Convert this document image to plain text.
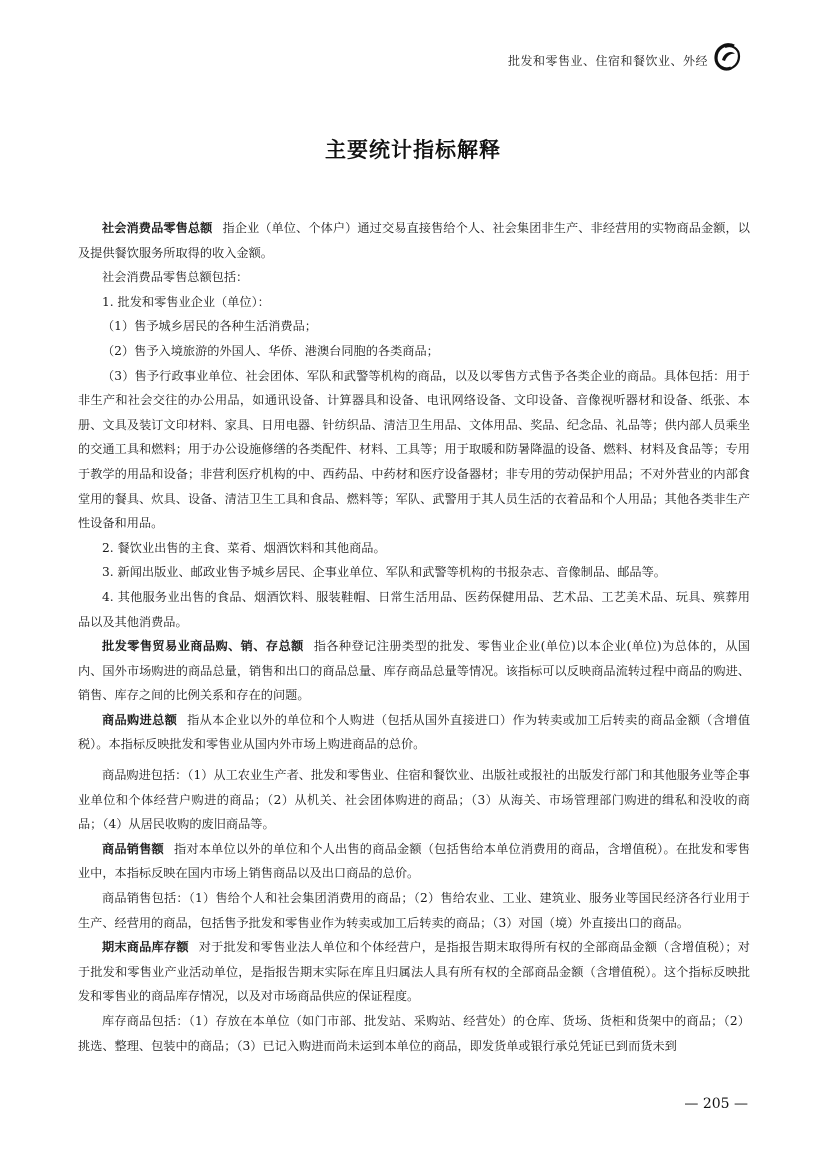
批发和零售业、住宿和餐饮业、外经
主要统计指标解释

社会消费品零售总额 指企业（单位、个体户）通过交易直接售给个人、社会集团非生产、非经营用的实物商品金额，以及提供餐饮服务所取得的收入金额。

社会消费品零售总额包括：

1. 批发和零售业企业（单位）：

（1）售予城乡居民的各种生活消费品；

（2）售予入境旅游的外国人、华侨、港澳台同胞的各类商品；

（3）售予行政事业单位、社会团体、军队和武警等机构的商品，以及以零售方式售予各类企业的商品。具体包括：用于非生产和社会交往的办公用品，如通讯设备、计算器具和设备、电讯网络设备、文印设备、音像视听器材和设备、纸张、本册、文具及装订文印材料、家具、日用电器、针纺织品、清洁卫生用品、文体用品、奖品、纪念品、礼品等；供内部人员乘坐的交通工具和燃料；用于办公设施修缮的各类配件、材料、工具等；用于取暖和防暑降温的设备、燃料、材料及食品等；专用于教学的用品和设备；非营利医疗机构的中、西药品、中药材和医疗设备器材；非专用的劳动保护用品；不对外营业的内部食堂用的餐具、炊具、设备、清洁卫生工具和食品、燃料等；军队、武警用于其人员生活的衣着品和个人用品；其他各类非生产性设备和用品。

2. 餐饮业出售的主食、菜肴、烟酒饮料和其他商品。

3. 新闻出版业、邮政业售予城乡居民、企事业单位、军队和武警等机构的书报杂志、音像制品、邮品等。

4. 其他服务业出售的食品、烟酒饮料、服装鞋帽、日常生活用品、医药保健用品、艺术品、工艺美术品、玩具、殡葬用品以及其他消费品。

批发零售贸易业商品购、销、存总额 指各种登记注册类型的批发、零售业企业(单位)以本企业(单位)为总体的，从国内、国外市场购进的商品总量，销售和出口的商品总量、库存商品总量等情况。该指标可以反映商品流转过程中商品的购进、销售、库存之间的比例关系和存在的问题。

商品购进总额 指从本企业以外的单位和个人购进（包括从国外直接进口）作为转卖或加工后转卖的商品金额（含增值税）。本指标反映批发和零售业从国内外市场上购进商品的总价。

商品购进包括：（1）从工农业生产者、批发和零售业、住宿和餐饮业、出版社或报社的出版发行部门和其他服务业等企事业单位和个体经营户购进的商品；（2）从机关、社会团体购进的商品；（3）从海关、市场管理部门购进的缉私和没收的商品；（4）从居民收购的废旧商品等。

商品销售额 指对本单位以外的单位和个人出售的商品金额（包括售给本单位消费用的商品，含增值税）。在批发和零售业中，本指标反映在国内市场上销售商品以及出口商品的总价。

商品销售包括：（1）售给个人和社会集团消费用的商品；（2）售给农业、工业、建筑业、服务业等国民经济各行业用于生产、经营用的商品，包括售予批发和零售业作为转卖或加工后转卖的商品；（3）对国（境）外直接出口的商品。

期末商品库存额 对于批发和零售业法人单位和个体经营户，是指报告期末取得所有权的全部商品金额（含增值税）；对于批发和零售业产业活动单位，是指报告期末实际在库且归属法人具有所有权的全部商品金额（含增值税）。这个指标反映批发和零售业的商品库存情况，以及对市场商品供应的保证程度。

库存商品包括：（1）存放在本单位（如门市部、批发站、采购站、经营处）的仓库、货场、货柜和货架中的商品；（2）挑选、整理、包装中的商品；（3）已记入购进而尚未运到本单位的商品，即发货单或银行承兑凭证已到而货未到

— 205 —
